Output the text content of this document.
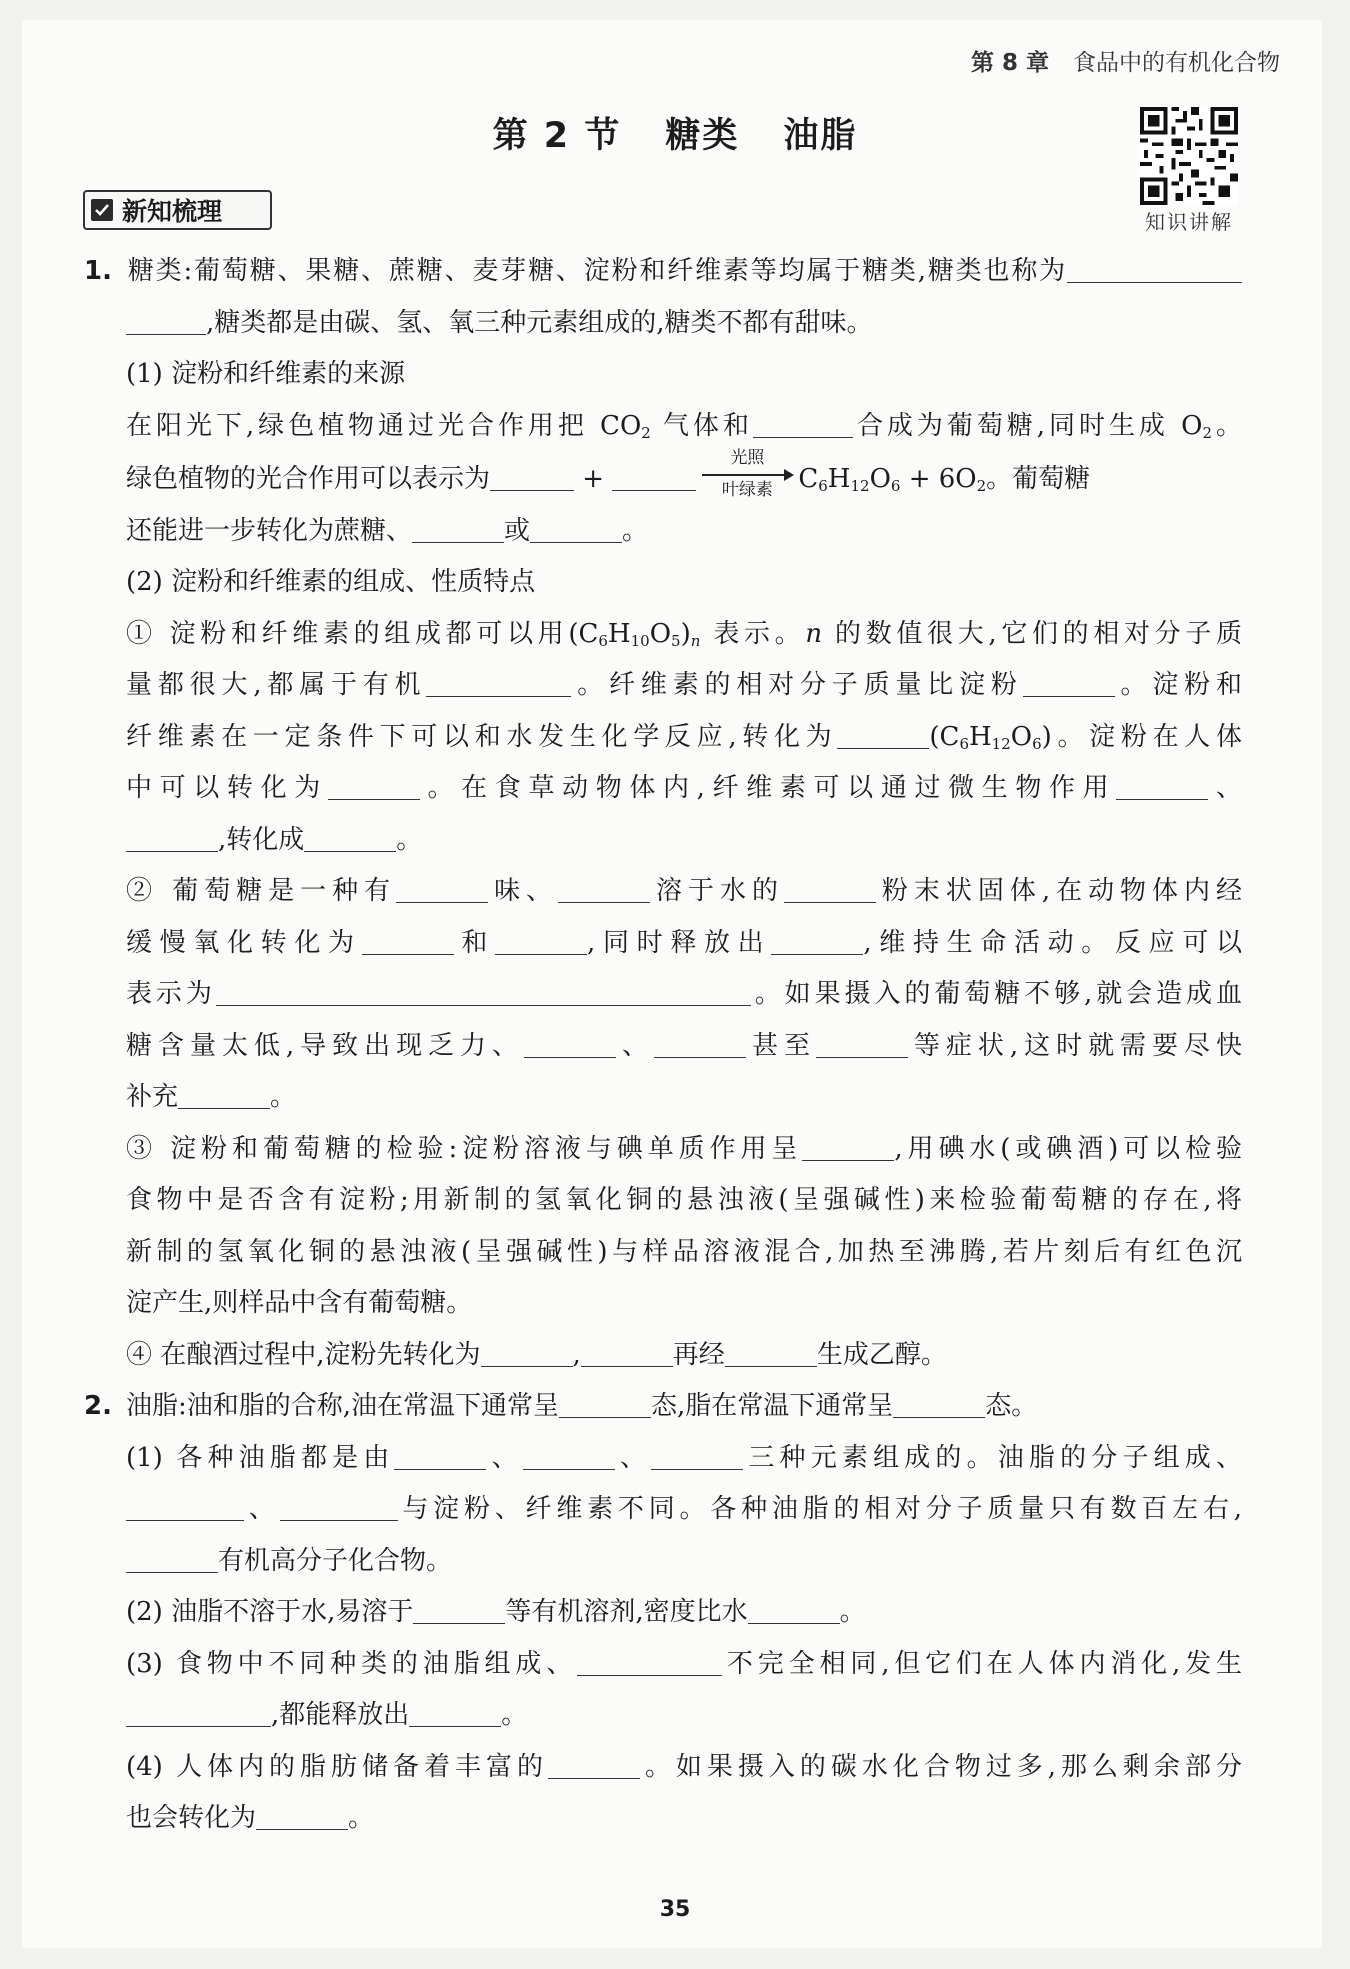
第 8 章 食品中的有机化合物
第 2 节 糖类 油脂
知识讲解
新知梳理

1. 糖类:葡萄糖、果糖、蔗糖、麦芽糖、淀粉和纤维素等均属于糖类,糖类也称为

,糖类都是由碳、氢、氧三种元素组成的,糖类不都有甜味。

(1) 淀粉和纤维素的来源

在阳光下,绿色植物通过光合作用把 $CO_2$ 气体和	合成为葡萄糖,同时生成 $O_2$。

绿色植物的光合作用可以表示为	+
光照
叶绿素 $C_6H_{12}O_6 + 6O_2$。葡萄糖

还能进一步转化为蔗糖、	或	。

(2) 淀粉和纤维素的组成、性质特点

① 淀粉和纤维素的组成都可以用$(C_6H_{10}O_5)_n$ 表示。n 的数值很大,它们的相对分子质

量都很大,都属于有机	。纤维素的相对分子质量比淀粉	。淀粉和

纤维素在一定条件下可以和水发生化学反应,转化为	$(C_6H_{12}O_6)$。淀粉在人体

中可以转化为	。在食草动物体内,纤维素可以通过微生物作用	、

,转化成	。

② 葡萄糖是一种有	味、	溶于水的	粉末状固体,在动物体内经

缓慢氧化转化为	和	,同时释放出	,维持生命活动。反应可以

表示为	。如果摄入的葡萄糖不够,就会造成血

糖含量太低,导致出现乏力、	、	甚至	等症状,这时就需要尽快

补充	。

③ 淀粉和葡萄糖的检验:淀粉溶液与碘单质作用呈	,用碘水(或碘酒)可以检验

食物中是否含有淀粉;用新制的氢氧化铜的悬浊液(呈强碱性)来检验葡萄糖的存在,将

新制的氢氧化铜的悬浊液(呈强碱性)与样品溶液混合,加热至沸腾,若片刻后有红色沉

淀产生,则样品中含有葡萄糖。

④ 在酿酒过程中,淀粉先转化为	,	再经	生成乙醇。

2. 油脂:油和脂的合称,油在常温下通常呈	态,脂在常温下通常呈	态。

(1) 各种油脂都是由	、	、	三种元素组成的。油脂的分子组成、

、	与淀粉、纤维素不同。各种油脂的相对分子质量只有数百左右,

有机高分子化合物。

(2) 油脂不溶于水,易溶于	等有机溶剂,密度比水	。

(3) 食物中不同种类的油脂组成、	不完全相同,但它们在人体内消化,发生

,都能释放出	。

(4) 人体内的脂肪储备着丰富的	。如果摄入的碳水化合物过多,那么剩余部分

也会转化为	。

35
